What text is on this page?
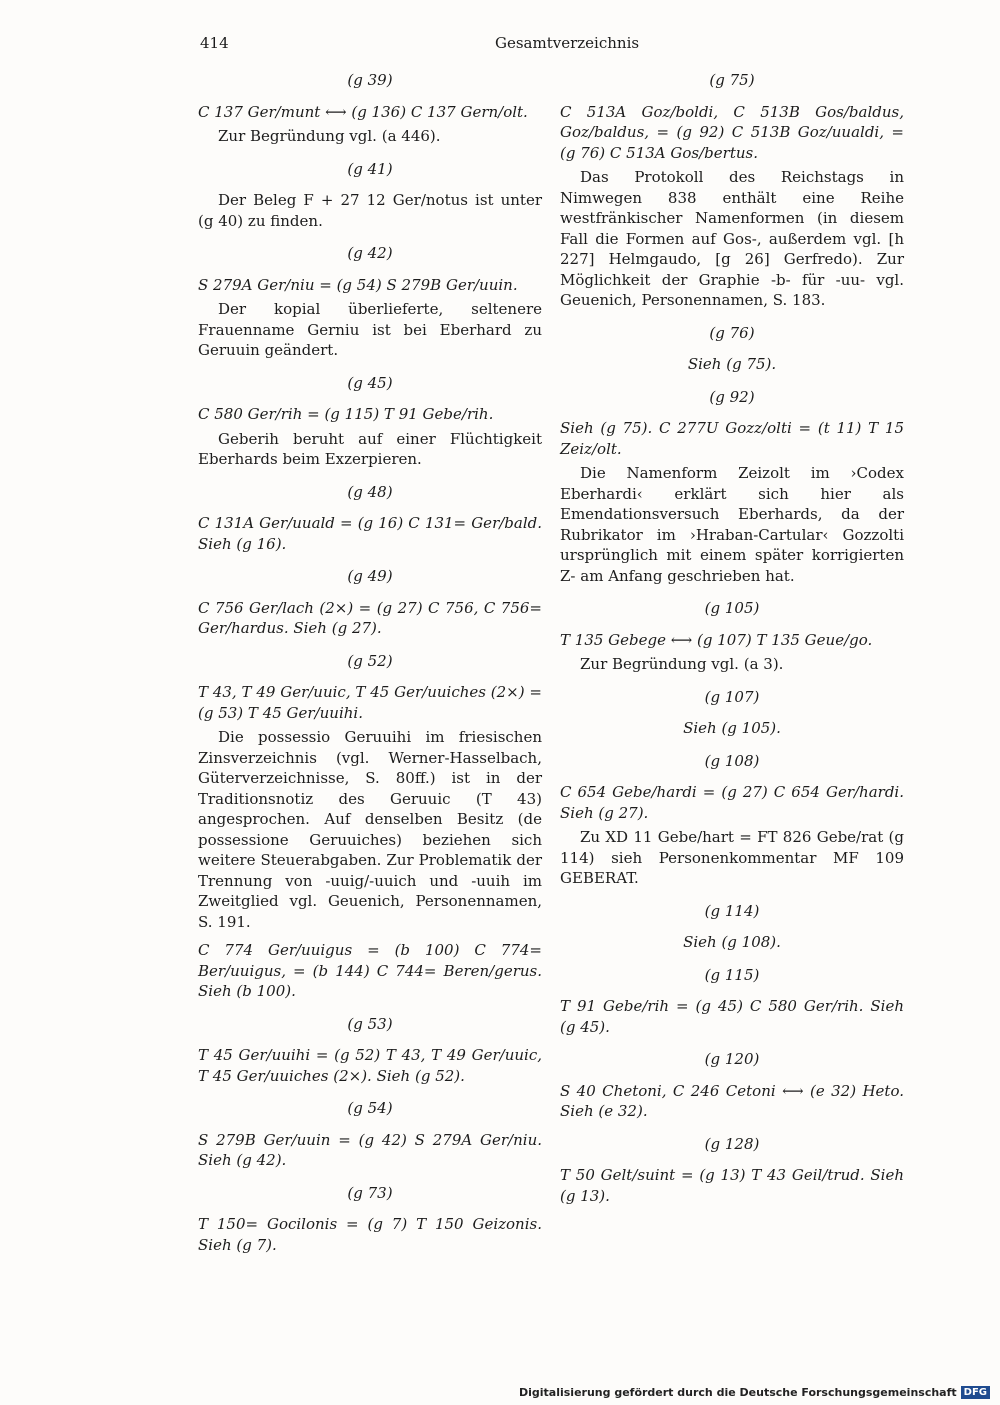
414	Gesamtverzeichnis
(g 39)
C 137 Ger/munt ⟷ (g 136) C 137 Gern/olt.
Zur Begründung vgl. (a 446).
(g 41)
Der Beleg F + 27 12 Ger/notus ist unter (g 40) zu finden.
(g 42)
S 279A Ger/niu = (g 54) S 279B Ger/uuin.
Der kopial überlieferte, seltenere Frauenname Gerniu ist bei Eberhard zu Geruuin geändert.
(g 45)
C 580 Ger/rih = (g 115) T 91 Gebe/rih.
Geberih beruht auf einer Flüchtigkeit Eberhards beim Exzerpieren.
(g 48)
C 131A Ger/uuald = (g 16) C 131= Ger/bald. Sieh (g 16).
(g 49)
C 756 Ger/lach (2×) = (g 27) C 756, C 756= Ger/hardus. Sieh (g 27).
(g 52)
T 43, T 49 Ger/uuic, T 45 Ger/uuiches (2×) = (g 53) T 45 Ger/uuihi.
Die possessio Geruuihi im friesischen Zinsverzeichnis (vgl. Werner-Hasselbach, Güterverzeichnisse, S. 80ff.) ist in der Traditionsnotiz des Geruuic (T 43) angesprochen. Auf denselben Besitz (de possessione Geruuiches) beziehen sich weitere Steuerabgaben. Zur Problematik der Trennung von -uuig/-uuich und -uuih im Zweitglied vgl. Geuenich, Personennamen, S. 191.
C 774 Ger/uuigus = (b 100) C 774= Ber/uuigus, = (b 144) C 744= Beren/gerus. Sieh (b 100).
(g 53)
T 45 Ger/uuihi = (g 52) T 43, T 49 Ger/uuic, T 45 Ger/uuiches (2×). Sieh (g 52).
(g 54)
S 279B Ger/uuin = (g 42) S 279A Ger/niu. Sieh (g 42).
(g 73)
T 150= Gocilonis = (g 7) T 150 Geizonis. Sieh (g 7).
(g 75)
C 513A Goz/boldi, C 513B Gos/baldus, Goz/baldus, = (g 92) C 513B Goz/uualdi, = (g 76) C 513A Gos/bertus.
Das Protokoll des Reichstags in Nimwegen 838 enthält eine Reihe westfränkischer Namenformen (in diesem Fall die Formen auf Gos-, außerdem vgl. [h 227] Helmgaudo, [g 26] Gerfredo). Zur Möglichkeit der Graphie -b- für -uu- vgl. Geuenich, Personennamen, S. 183.
(g 76)
Sieh (g 75).
(g 92)
Sieh (g 75). C 277U Gozz/olti = (t 11) T 15 Zeiz/olt.
Die Namenform Zeizolt im ›Codex Eberhardi‹ erklärt sich hier als Emendationsversuch Eberhards, da der Rubrikator im ›Hraban-Cartular‹ Gozzolti ursprünglich mit einem später korrigierten Z- am Anfang geschrieben hat.
(g 105)
T 135 Gebege ⟷ (g 107) T 135 Geue/go.
Zur Begründung vgl. (a 3).
(g 107)
Sieh (g 105).
(g 108)
C 654 Gebe/hardi = (g 27) C 654 Ger/hardi. Sieh (g 27).
Zu XD 11 Gebe/hart = FT 826 Gebe/rat (g 114) sieh Personenkommentar MF 109 GEBERAT.
(g 114)
Sieh (g 108).
(g 115)
T 91 Gebe/rih = (g 45) C 580 Ger/rih. Sieh (g 45).
(g 120)
S 40 Chetoni, C 246 Cetoni ⟷ (e 32) Heto. Sieh (e 32).
(g 128)
T 50 Gelt/suint = (g 13) T 43 Geil/trud. Sieh (g 13).
Digitalisierung gefördert durch die Deutsche Forschungsgemeinschaft DFG
